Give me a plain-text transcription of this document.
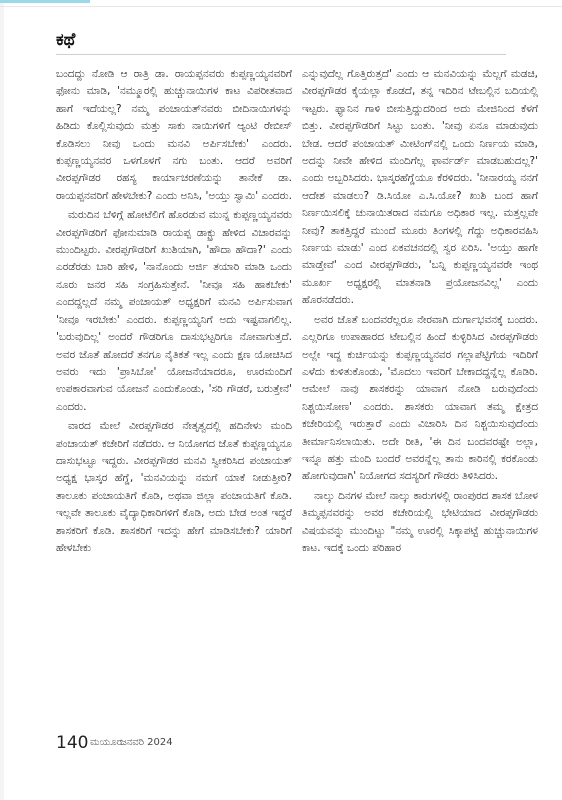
ಕಥೆ

ಬಂದದ್ದು ನೋಡಿ ಆ ರಾತ್ರಿ ಡಾ. ರಾಯಪ್ಪನವರು ಕುಪ್ಪಣ್ಣಯ್ಯನವರಿಗೆ ಫೋನು ಮಾಡಿ, 'ನಮ್ಮೂರಲ್ಲಿ ಹುಚ್ಚುನಾಯಿಗಳ ಕಾಟ ವಿಪರೀತವಾದ ಹಾಗೆ ಇದೆಯಲ್ಲ? ನಮ್ಮ ಪಂಚಾಯತ್‌ನವರು ಬೀದಿನಾಯಿಗಳನ್ನು ಹಿಡಿದು ಕೊಲ್ಲಿಸುವುದು ಮತ್ತು ಸಾಕು ನಾಯಿಗಳಿಗೆ ಆ್ಯಂಟಿ ರೇಬೀಸ್ ಕೊಡಿಸಲು ನೀವು ಒಂದು ಮನವಿ ಅರ್ಪಿಸಬೇಕು' ಎಂದರು. ಕುಪ್ಪಣ್ಣಯ್ಯನವರ ಒಳಗೊಳಗೆ ನಗು ಬಂತು. ಆದರೆ ಅವರಿಗೆ ವೀರಪ್ಪಗೌಡರ ರಹಸ್ಯ ಕಾರ್ಯಾಚರಣೆಯನ್ನು ತಾನೇಕೆ ಡಾ. ರಾಯಪ್ಪನವರಿಗೆ ಹೇಳಬೇಕು? ಎಂದು ಅನಿಸಿ, 'ಅಯ್ತು ಸ್ವಾಮಿ' ಎಂದರು.

ಮರುದಿನ ಬೆಳಿಗ್ಗೆ ಹೋಟೆಲಿಗೆ ಹೊರಡುವ ಮುನ್ನ ಕುಪ್ಪಣ್ಣಯ್ಯನವರು ವೀರಪ್ಪಗೌಡರಿಗೆ ಫೋನುಮಾಡಿ ರಾಯಪ್ಪ ಡಾಕ್ಟ್ರು ಹೇಳಿದ ವಿಚಾರವನ್ನು ಮುಂದಿಟ್ಟರು. ವೀರಪ್ಪಗೌಡರಿಗೆ ಖುಶಿಯಾಗಿ, 'ಹೌದಾ ಹೌದಾ?' ಎಂದು ಎರಡೆರಡು ಬಾರಿ ಹೇಳಿ, 'ನಾನೊಂದು ಅರ್ಜಿ ತಯಾರಿ ಮಾಡಿ ಒಂದು ನೂರು ಜನರ ಸಹಿ ಸಂಗ್ರಹಿಸುತ್ತೇನೆ. 'ನೀವೂ ಸಹಿ ಹಾಕಬೇಕು' ಎಂದದ್ದಲ್ಲದೆ ನಮ್ಮ ಪಂಚಾಯತ್ ಅಧ್ಯಕ್ಷರಿಗೆ ಮನವಿ ಅರ್ಪಿಸುವಾಗ 'ನೀವೂ ಇರಬೇಕು' ಎಂದರು. ಕುಪ್ಪಣ್ಣಯ್ಯನಿಗೆ ಅದು ಇಷ್ಟವಾಗಲಿಲ್ಲ. 'ಬರುವುದಿಲ್ಲ' ಅಂದರೆ ಗೌಡರಿಗೂ ದಾಸುಭಟ್ಟರಿಗೂ ನೋವಾಗುತ್ತದೆ. ಅವರ ಜೊತೆ ಹೋದರೆ ತನಗೂ ನೈತಿಕತೆ ಇಲ್ಲ ಎಂದು ಕ್ಷಣ ಯೋಚಿಸಿದ ಅವರು ಇದು 'ಪ್ರಾಸಿಬೋ' ಯೋಜನೆಯಾದರೂ, ಊರಮಂದಿಗೆ ಉಪಕಾರವಾಗುವ ಯೋಜನೆ ಎಂದುಕೊಂಡು, 'ಸರಿ ಗೌಡರೆ, ಬರುತ್ತೇನೆ' ಎಂದರು.

ವಾರದ ಮೇಲೆ ವೀರಪ್ಪಗೌಡರ ನೇತೃತ್ವದಲ್ಲಿ ಹದಿನೇಳು ಮಂದಿ ಪಂಚಾಯತ್ ಕಚೇರಿಗೆ ನಡೆದರು. ಆ ನಿಯೋಗದ ಜೊತೆ ಕುಪ್ಪಣ್ಣಯ್ಯನೂ ದಾಸುಭಟ್ಟೂ ಇದ್ದರು. ವೀರಪ್ಪಗೌಡರ ಮನವಿ ಸ್ವೀಕರಿಸಿದ ಪಂಚಾಯತ್ ಅಧ್ಯಕ್ಷ ಭಾಸ್ಕರ ಹೆಗ್ಡೆ, 'ಮನವಿಯನ್ನು ನಮಗೆ ಯಾಕೆ ನೀಡುತ್ತೀರಿ? ತಾಲೂಕು ಪಂಚಾಯತಿಗೆ ಕೊಡಿ, ಅಥವಾ ಜಿಲ್ಲಾ ಪಂಚಾಯತಿಗೆ ಕೊಡಿ. ಇಲ್ಲವೇ ತಾಲೂಕು ವೈದ್ಯಾಧಿಕಾರಿಗಳಿಗೆ ಕೊಡಿ, ಅದು ಬೇಡ ಅಂತ ಇದ್ದರೆ ಶಾಸಕರಿಗೆ ಕೊಡಿ. ಶಾಸಕರಿಗೆ ಇದನ್ನು ಹೇಗೆ ಮಾಡಿಸಬೇಕು? ಯಾರಿಗೆ ಹೇಳಬೇಕು

ಎನ್ನುವುದೆಲ್ಲ ಗೊತ್ತಿರುತ್ತದೆ' ಎಂದು ಆ ಮನವಿಯನ್ನು ಮೆಲ್ಲಗೆ ಮಡಚಿ, ವೀರಪ್ಪಗೌಡರ ಕೈಯಲ್ಲಾ ಕೊಡದೆ, ತನ್ನ ಇದಿರಿನ ಟೇಬಲ್ಲಿನ ಬದಿಯಲ್ಲಿ ಇಟ್ಟರು. ಫ್ಯಾನಿನ ಗಾಳಿ ಬೀಸುತ್ತಿದ್ದುದರಿಂದ ಅದು ಮೇಜಿನಿಂದ ಕೆಳಗೆ ಬಿತ್ತು. ವೀರಪ್ಪಗೌಡರಿಗೆ ಸಿಟ್ಟು ಬಂತು. 'ನೀವು ಏನೂ ಮಾಡುವುದು ಬೇಡ. ಆದರೆ ಪಂಚಾಯತ್ ಮೀಟಿಂಗ್‌ನಲ್ಲಿ ಒಂದು ನಿರ್ಣಯ ಮಾಡಿ, ಅದನ್ನು ನೀವೇ ಹೇಳಿದ ಮಂದಿಗೆಲ್ಲ ಫಾರ್ವರ್ಡ್ ಮಾಡಬಹುದಲ್ಲ?' ಎಂದು ಅಬ್ಬರಿಸಿದರು. ಭಾಸ್ಕರಹೆಗ್ಡೆಯೂ ಕೆರಳಿದರು. 'ನೀನಾರಯ್ಯ ನನಗೆ ಆದೇಶ ಮಾಡಲು? ಡಿ.ಸಿಯೋ ಎ.ಸಿ.ಯೋ? ಖುಶಿ ಬಂದ ಹಾಗೆ ನಿರ್ಣಯಿಸಲಿಕ್ಕೆ ಚುನಾಯಿತರಾದ ನಮಗೂ ಅಧಿಕಾರ ಇಲ್ಲ. ಮತ್ತಲ್ಲವೇ ನೀವು? ತಾಕತ್ತಿದ್ದರೆ ಮುಂದೆ ಮೂರು ತಿಂಗಳಲ್ಲಿ ಗೆದ್ದು ಅಧಿಕಾರವಹಿಸಿ ನಿರ್ಣಯ ಮಾಡು' ಎಂದ ಏಕವಚನದಲ್ಲಿ ಸ್ವರ ಏರಿಸಿ. 'ಅಯ್ತು ಹಾಗೇ ಮಾಡ್ತೇವೆ' ಎಂದ ವೀರಪ್ಪಗೌಡರು, 'ಬನ್ನಿ ಕುಪ್ಪಣ್ಣಯ್ಯನವರೇ ಇಂಥ ಮೂರ್ಖ ಅಧ್ಯಕ್ಷರಲ್ಲಿ ಮಾತನಾಡಿ ಪ್ರಯೋಜನವಿಲ್ಲ' ಎಂದು ಹೊರನಡೆದರು.

ಅವರ ಜೊತೆ ಬಂದವರೆಲ್ಲರೂ ನೇರವಾಗಿ ದುರ್ಗಾಭವನಕ್ಕೆ ಬಂದರು. ಎಲ್ಲರಿಗೂ ಉಪಾಹಾರದ ಟೇಬಲ್ಲಿನ ಹಿಂದೆ ಕುಳ್ಳಿರಿಸಿದ ವೀರಪ್ಪಗೌಡರು ಅಲ್ಲೇ ಇದ್ದ ಕುರ್ಚಿಯನ್ನು ಕುಪ್ಪಣ್ಣಯ್ಯನವರ ಗಲ್ಲಾಪೆಟ್ಟಿಗೆಯ ಇದಿರಿಗೆ ಎಳೆದು ಕುಳಿತುಕೊಂಡು, 'ಮೊದಲು ಇವರಿಗೆ ಬೇಕಾದದ್ದನ್ನೆಲ್ಲ ಕೊಡಿರಿ. ಆಮೇಲೆ ನಾವು ಶಾಸಕರನ್ನು ಯಾವಾಗ ನೋಡಿ ಬರುವುದೆಂದು ನಿಶ್ಚಯಿಸೋಣ' ಎಂದರು. ಶಾಸಕರು ಯಾವಾಗ ತಮ್ಮ ಕ್ಷೇತ್ರದ ಕಚೇರಿಯಲ್ಲಿ ಇರುತ್ತಾರೆ ಎಂದು ವಿಚಾರಿಸಿ ದಿನ ನಿಶ್ಚಯಿಸುವುದೆಂದು ತೀರ್ಮಾನಿಸಲಾಯಿತು. ಅದೇ ರೀತಿ, 'ಈ ದಿನ ಬಂದವರಷ್ಟೇ ಅಲ್ಲಾ, ಇನ್ನೂ ಹತ್ತು ಮಂದಿ ಬಂದರೆ ಅವರನ್ನೆಲ್ಲ ತಾನು ಕಾರಿನಲ್ಲಿ ಕರಕೊಂಡು ಹೋಗುವುದಾಗಿ' ನಿಯೋಗದ ಸದಸ್ಯರಿಗೆ ಗೌಡರು ತಿಳಿಸಿದರು.

ನಾಲ್ಕು ದಿನಗಳ ಮೇಲೆ ನಾಲ್ಕು ಕಾರುಗಳಲ್ಲಿ ರಾಂಪುರದ ಶಾಸಕ ಬೋಳ ತಿಮ್ಮಪ್ಪನವರನ್ನು ಅವರ ಕಚೇರಿಯಲ್ಲಿ ಭೇಟಿಯಾದ ವೀರಪ್ಪಗೌಡರು ವಿಷಯವನ್ನು ಮುಂದಿಟ್ಟು "ನಮ್ಮ ಊರಲ್ಲಿ ಸಿಕ್ಕಾಪಟ್ಟೆ ಹುಚ್ಚುನಾಯಿಗಳ ಕಾಟ. ಇದಕ್ಕೆ ಒಂದು ಪರಿಹಾರ

140 ಮಯೂರ
ಜನವರಿ 2024
